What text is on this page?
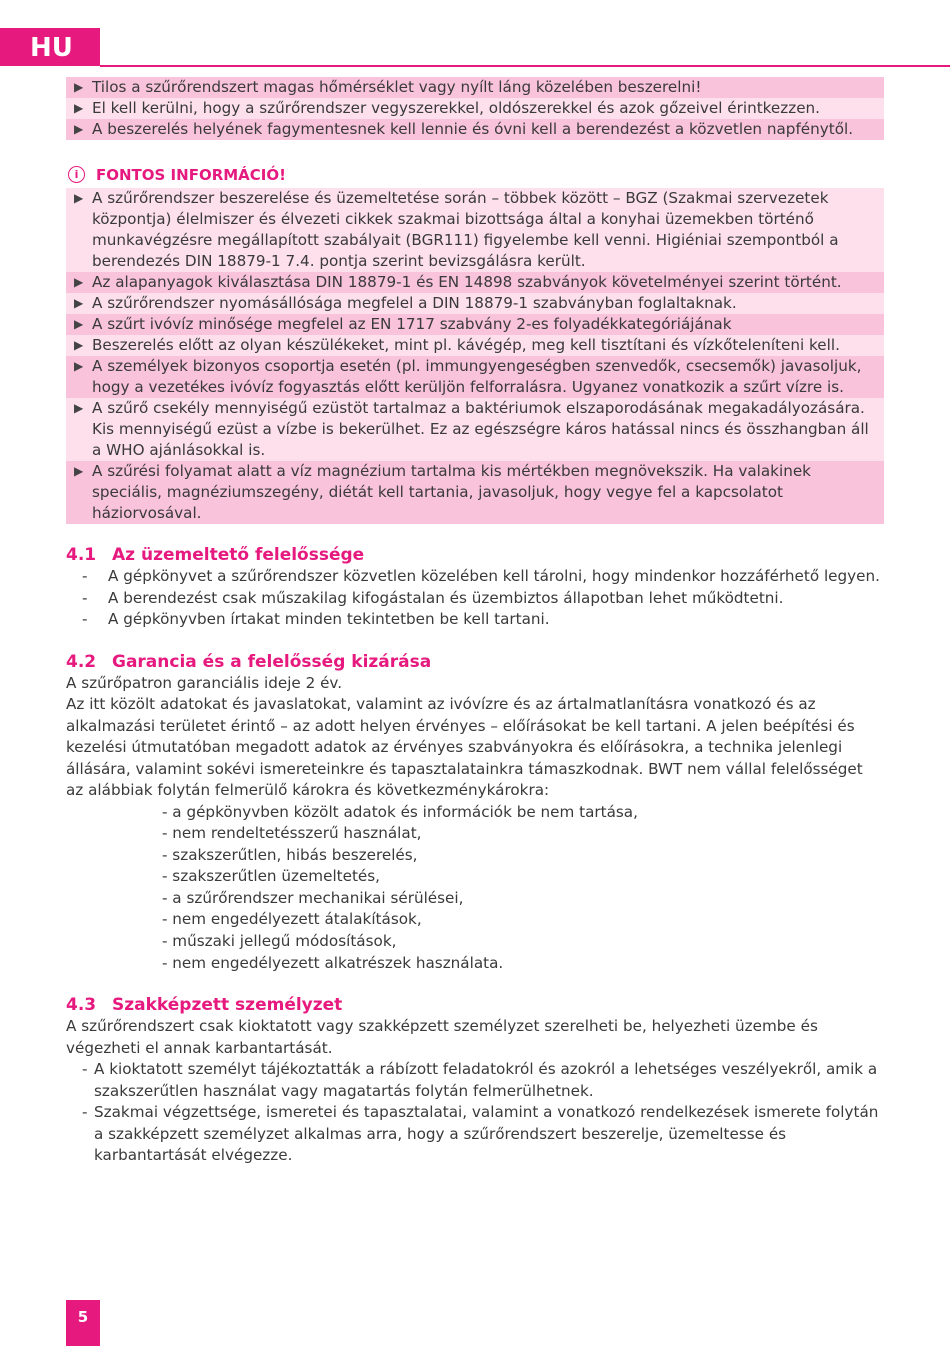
HU
▶ Tilos a szűrőrendszert magas hőmérséklet vagy nyílt láng közelében beszerelni!
▶ El kell kerülni, hogy a szűrőrendszer vegyszerekkel, oldószerekkel és azok gőzeivel érintkezzen.
▶ A beszerelés helyének fagymentesnek kell lennie és óvni kell a berendezést a közvetlen napfénytől.
i	FONTOS INFORMÁCIÓ!
▶ A szűrőrendszer beszerelése és üzemeltetése során – többek között – BGZ (Szakmai szervezetek központja) élelmiszer és élvezeti cikkek szakmai bizottsága által a konyhai üzemekben történő munkavégzésre megállapított szabályait (BGR111) figyelembe kell venni. Higiéniai szempontból a berendezés DIN 18879-1 7.4. pontja szerint bevizsgálásra került.
▶ Az alapanyagok kiválasztása DIN 18879-1 és EN 14898 szabványok követelményei szerint történt.
▶ A szűrőrendszer nyomásállósága megfelel a DIN 18879-1 szabványban foglaltaknak.
▶ A szűrt ivóvíz minősége megfelel az EN 1717 szabvány 2-es folyadékkategóriájának
▶ Beszerelés előtt az olyan készülékeket, mint pl. kávégép, meg kell tisztítani és vízkőteleníteni kell.
▶ A személyek bizonyos csoportja esetén (pl. immungyengeségben szenvedők, csecsemők) javasoljuk, hogy a vezetékes ivóvíz fogyasztás előtt kerüljön felforralásra. Ugyanez vonatkozik a szűrt vízre is.
▶ A szűrő csekély mennyiségű ezüstöt tartalmaz a baktériumok elszaporodásának megakadályozására. Kis mennyiségű ezüst a vízbe is bekerülhet. Ez az egészségre káros hatással nincs és összhangban áll a WHO ajánlásokkal is.
▶ A szűrési folyamat alatt a víz magnézium tartalma kis mértékben megnövekszik. Ha valakinek speciális, magnéziumszegény, diétát kell tartania, javasoljuk, hogy vegye fel a kapcsolatot háziorvosával.
4.1 Az üzemeltető felelőssége
- A gépkönyvet a szűrőrendszer közvetlen közelében kell tárolni, hogy mindenkor hozzáférhető legyen.
- A berendezést csak műszakilag kifogástalan és üzembiztos állapotban lehet működtetni.
- A gépkönyvben írtakat minden tekintetben be kell tartani.
4.2 Garancia és a felelősség kizárása
A szűrőpatron garanciális ideje 2 év.
Az itt közölt adatokat és javaslatokat, valamint az ivóvízre és az ártalmatlanításra vonatkozó és az alkalmazási területet érintő – az adott helyen érvényes – előírásokat be kell tartani. A jelen beépítési és kezelési útmutatóban megadott adatok az érvényes szabványokra és előírásokra, a technika jelenlegi állására, valamint sokévi ismereteinkre és tapasztalatainkra támaszkodnak. BWT nem vállal felelősséget az alábbiak folytán felmerülő károkra és következménykárokra:
- a gépkönyvben közölt adatok és információk be nem tartása,
- nem rendeltetésszerű használat,
- szakszerűtlen, hibás beszerelés,
- szakszerűtlen üzemeltetés,
- a szűrőrendszer mechanikai sérülései,
- nem engedélyezett átalakítások,
- műszaki jellegű módosítások,
- nem engedélyezett alkatrészek használata.
4.3 Szakképzett személyzet
A szűrőrendszert csak kioktatott vagy szakképzett személyzet szerelheti be, helyezheti üzembe és végezheti el annak karbantartását.
- A kioktatott személyt tájékoztatták a rábízott feladatokról és azokról a lehetséges veszélyekről, amik a szakszerűtlen használat vagy magatartás folytán felmerülhetnek.
- Szakmai végzettsége, ismeretei és tapasztalatai, valamint a vonatkozó rendelkezések ismerete folytán a szakképzett személyzet alkalmas arra, hogy a szűrőrendszert beszerelje, üzemeltesse és karbantartását elvégezze.
5
